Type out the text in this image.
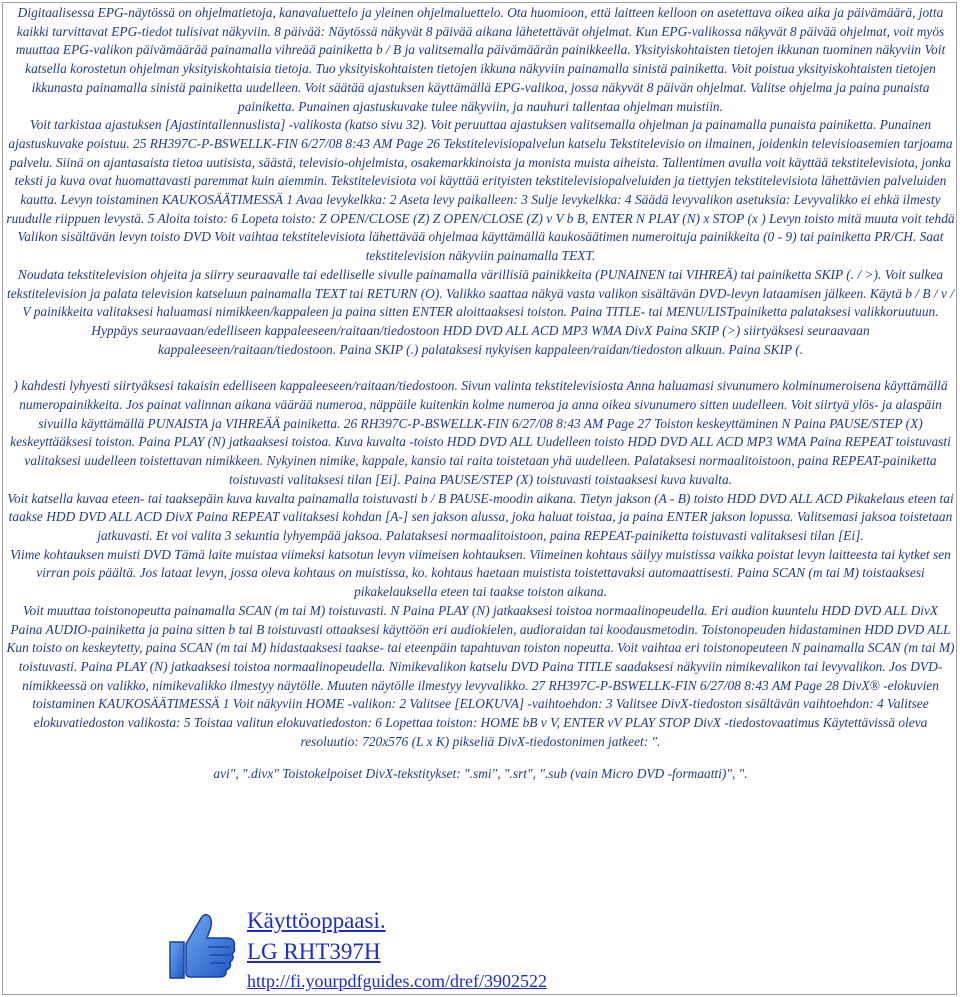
Digitaalisessa EPG-näytössä on ohjelmatietoja, kanavaluettelo ja yleinen ohjelmaluettelo. Ota huomioon, että laitteen kelloon on asetettava oikea aika ja päivämäärä, jotta kaikki tarvittavat EPG-tiedot tulisivat näkyviin. 8 päivää: Näytössä näkyvät 8 päivää aikana lähetettävät ohjelmat. Kun EPG-valikossa näkyvät 8 päivää ohjelmat, voit myös muuttaa EPG-valikon päivämäärää painamalla vihreää painiketta b / B ja valitsemalla päivämäärän painikkeella. Yksityiskohtaisten tietojen ikkunan tuominen näkyviin Voit katsella korostetun ohjelman yksityiskohtaisia tietoja. Tuo yksityiskohtaisten tietojen ikkuna näkyviin painamalla sinistä painiketta. Voit poistua yksityiskohtaisten tietojen ikkunasta painamalla sinistä painiketta uudelleen. Voit säätää ajastuksen käyttämällä EPG-valikoa, jossa näkyvät 8 päivän ohjelmat. Valitse ohjelma ja paina punaista painiketta. Punainen ajastuskuvake tulee näkyviin, ja nauhuri tallentaa ohjelman muistiin.

Voit tarkistaa ajastuksen [Ajastintallennuslista] -valikosta (katso sivu 32). Voit peruuttaa ajastuksen valitsemalla ohjelman ja painamalla punaista painiketta. Punainen ajastuskuvake poistuu. 25 RH397C-P-BSWELLK-FIN 6/27/08 8:43 AM Page 26 Tekstitelevisiopalvelun katselu Tekstitelevisio on ilmainen, joidenkin televisioasemien tarjoama palvelu. Siinä on ajantasaista tietoa uutisista, säästä, televisio-ohjelmista, osakemarkkinoista ja monista muista aiheista. Tallentimen avulla voit käyttää tekstitelevisiota, jonka teksti ja kuva ovat huomattavasti paremmat kuin aiemmin. Tekstitelevisiota voi käyttää erityisten tekstitelevisiopalveluiden ja tiettyjen tekstitelevisiota lähettävien palveluiden kautta. Levyn toistaminen KAUKOSÄÄTIMESSÄ 1 Avaa levykelkka: 2 Aseta levy paikalleen: 3 Sulje levykelkka: 4 Säädä levyvalikon asetuksia: Levyvalikko ei ehkä ilmesty ruudulle riippuen levystä. 5 Aloita toisto: 6 Lopeta toisto: Z OPEN/CLOSE (Z) Z OPEN/CLOSE (Z) v V b B, ENTER N PLAY (N) x STOP (x ) Levyn toisto mitä muuta voit tehdä Valikon sisältävän levyn toisto DVD Voit vaihtaa tekstitelevisiota lähettävää ohjelmaa käyttämällä kaukosäätimen numeroituja painikkeita (0 - 9) tai painiketta PR/CH. Saat tekstitelevision näkyviin painamalla TEXT.

Noudata tekstitelevision ohjeita ja siirry seuraavalle tai edelliselle sivulle painamalla värillisiä painikkeita (PUNAINEN tai VIHREÄ) tai painiketta SKIP (. / >). Voit sulkea tekstitelevision ja palata television katseluun painamalla TEXT tai RETURN (O). Valikko saattaa näkyä vasta valikon sisältävän DVD-levyn lataamisen jälkeen. Käytä b / B / v / V painikkeita valitaksesi haluamasi nimikkeen/kappaleen ja paina sitten ENTER aloittaaksesi toiston. Paina TITLE- tai MENU/LISTpainiketta palataksesi valikkoruutuun. Hyppäys seuraavaan/edelliseen kappaleeseen/raitaan/tiedostoon HDD DVD ALL ACD MP3 WMA DivX Paina SKIP (>) siirtyäksesi seuraavaan kappaleeseen/raitaan/tiedostoon. Paina SKIP (.) palataksesi nykyisen kappaleen/raidan/tiedoston alkuun. Paina SKIP (.

) kahdesti lyhyesti siirtyäksesi takaisin edelliseen kappaleeseen/raitaan/tiedostoon. Sivun valinta tekstitelevisiosta Anna haluamasi sivunumero kolminumeroisena käyttämällä numeropainikkeita. Jos painat valinnan aikana väärää numeroa, näppäile kuitenkin kolme numeroa ja anna oikea sivunumero sitten uudelleen. Voit siirtyä ylös- ja alaspäin sivuilla käyttämällä PUNAISTA ja VIHREÄÄ painiketta. 26 RH397C-P-BSWELLK-FIN 6/27/08 8:43 AM Page 27 Toiston keskeyttäminen N Paina PAUSE/STEP (X) keskeyttääksesi toiston. Paina PLAY (N) jatkaaksesi toistoa. Kuva kuvalta -toisto HDD DVD ALL Uudelleen toisto HDD DVD ALL ACD MP3 WMA Paina REPEAT toistuvasti valitaksesi uudelleen toistettavan nimikkeen. Nykyinen nimike, kappale, kansio tai raita toistetaan yhä uudelleen. Palataksesi normaalitoistoon, paina REPEAT-painiketta toistuvasti valitaksesi tilan [Ei]. Paina PAUSE/STEP (X) toistuvasti toistaaksesi kuva kuvalta.

Voit katsella kuvaa eteen- tai taaksepäin kuva kuvalta painamalla toistuvasti b / B PAUSE-moodin aikana. Tietyn jakson (A - B) toisto HDD DVD ALL ACD Pikakelaus eteen tai taakse HDD DVD ALL ACD DivX Paina REPEAT valitaksesi kohdan [A-] sen jakson alussa, joka haluat toistaa, ja paina ENTER jakson lopussa. Valitsemasi jaksoa toistetaan jatkuvasti. Et voi valita 3 sekuntia lyhyempää jaksoa. Palataksesi normaalitoistoon, paina REPEAT-painiketta toistuvasti valitaksesi tilan [Ei].

Viime kohtauksen muisti DVD Tämä laite muistaa viimeksi katsotun levyn viimeisen kohtauksen. Viimeinen kohtaus säilyy muistissa vaikka poistat levyn laitteesta tai kytket sen virran pois päältä. Jos lataat levyn, jossa oleva kohtaus on muistissa, ko. kohtaus haetaan muistista toistettavaksi automaattisesti. Paina SCAN (m tai M) toistaaksesi pikakelauksella eteen tai taakse toiston aikana.

Voit muuttaa toistonopeutta painamalla SCAN (m tai M) toistuvasti. N Paina PLAY (N) jatkaaksesi toistoa normaalinopeudella. Eri audion kuuntelu HDD DVD ALL DivX Paina AUDIO-painiketta ja paina sitten b tai B toistuvasti ottaaksesi käyttöön eri audiokielen, audioraidan tai koodausmetodin. Toistonopeuden hidastaminen HDD DVD ALL Kun toisto on keskeytetty, paina SCAN (m tai M) hidastaaksesi taakse- tai eteenpäin tapahtuvan toiston nopeutta. Voit vaihtaa eri toistonopeuteen N painamalla SCAN (m tai M) toistuvasti. Paina PLAY (N) jatkaaksesi toistoa normaalinopeudella. Nimikevalikon katselu DVD Paina TITLE saadaksesi näkyviin nimikevalikon tai levyvalikon. Jos DVD-nimikkeessä on valikko, nimikevalikko ilmestyy näytölle. Muuten näytölle ilmestyy levyvalikko. 27 RH397C-P-BSWELLK-FIN 6/27/08 8:43 AM Page 28 DivX® -elokuvien toistaminen KAUKOSÄÄTIMESSÄ 1 Voit näkyviin HOME -valikon: 2 Valitsee [ELOKUVA] -vaihtoehdon: 3 Valitsee DivX-tiedoston sisältävän vaihtoehdon: 4 Valitsee elokuvatiedoston valikosta: 5 Toistaa valitun elokuvatiedoston: 6 Lopettaa toiston: HOME bB v V, ENTER vV PLAY STOP DivX -tiedostovaatimus Käytettävissä oleva resoluutio: 720x576 (L x K) pikseliä DivX-tiedostonimen jatkeet: ".

avi", ".divx" Toistokelpoiset DivX-tekstitykset: ".smi", ".srt", ".sub (vain Micro DVD -formaatti)", ".

Käyttöoppaasi.
LG RHT397H
http://fi.yourpdfguides.com/dref/3902522
